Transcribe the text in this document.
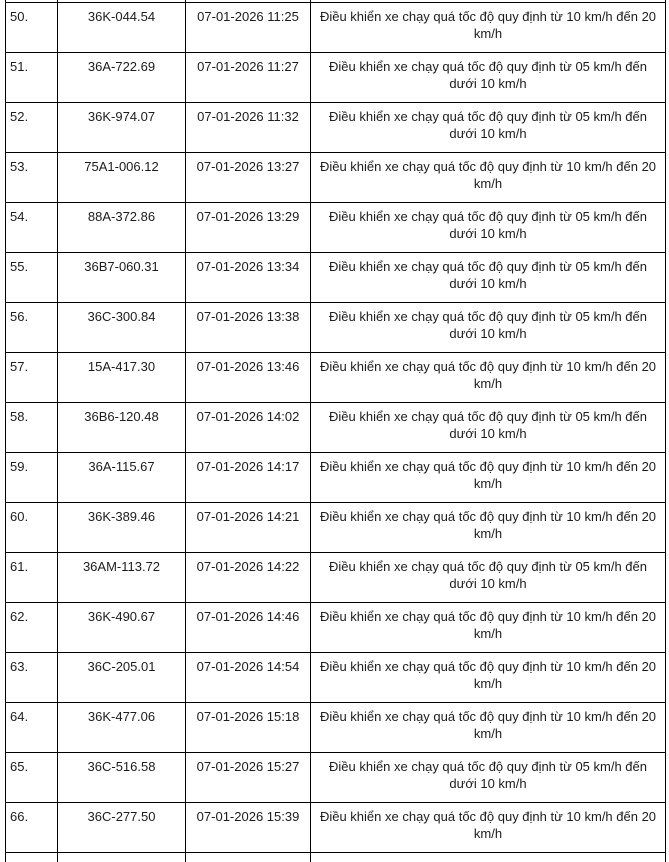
50.	36K-044.54	07-01-2026 11:25	Điều khiển xe chạy quá tốc độ quy định từ 10 km/h đến 20 km/h
51.	36A-722.69	07-01-2026 11:27	Điều khiển xe chạy quá tốc độ quy định từ 05 km/h đến dưới 10 km/h
52.	36K-974.07	07-01-2026 11:32	Điều khiển xe chạy quá tốc độ quy định từ 05 km/h đến dưới 10 km/h
53.	75A1-006.12	07-01-2026 13:27	Điều khiển xe chạy quá tốc độ quy định từ 10 km/h đến 20 km/h
54.	88A-372.86	07-01-2026 13:29	Điều khiển xe chạy quá tốc độ quy định từ 05 km/h đến dưới 10 km/h
55.	36B7-060.31	07-01-2026 13:34	Điều khiển xe chạy quá tốc độ quy định từ 05 km/h đến dưới 10 km/h
56.	36C-300.84	07-01-2026 13:38	Điều khiển xe chạy quá tốc độ quy định từ 05 km/h đến dưới 10 km/h
57.	15A-417.30	07-01-2026 13:46	Điều khiển xe chạy quá tốc độ quy định từ 10 km/h đến 20 km/h
58.	36B6-120.48	07-01-2026 14:02	Điều khiển xe chạy quá tốc độ quy định từ 05 km/h đến dưới 10 km/h
59.	36A-115.67	07-01-2026 14:17	Điều khiển xe chạy quá tốc độ quy định từ 10 km/h đến 20 km/h
60.	36K-389.46	07-01-2026 14:21	Điều khiển xe chạy quá tốc độ quy định từ 10 km/h đến 20 km/h
61.	36AM-113.72	07-01-2026 14:22	Điều khiển xe chạy quá tốc độ quy định từ 05 km/h đến dưới 10 km/h
62.	36K-490.67	07-01-2026 14:46	Điều khiển xe chạy quá tốc độ quy định từ 10 km/h đến 20 km/h
63.	36C-205.01	07-01-2026 14:54	Điều khiển xe chạy quá tốc độ quy định từ 10 km/h đến 20 km/h
64.	36K-477.06	07-01-2026 15:18	Điều khiển xe chạy quá tốc độ quy định từ 10 km/h đến 20 km/h
65.	36C-516.58	07-01-2026 15:27	Điều khiển xe chạy quá tốc độ quy định từ 05 km/h đến dưới 10 km/h
66.	36C-277.50	07-01-2026 15:39	Điều khiển xe chạy quá tốc độ quy định từ 10 km/h đến 20 km/h
